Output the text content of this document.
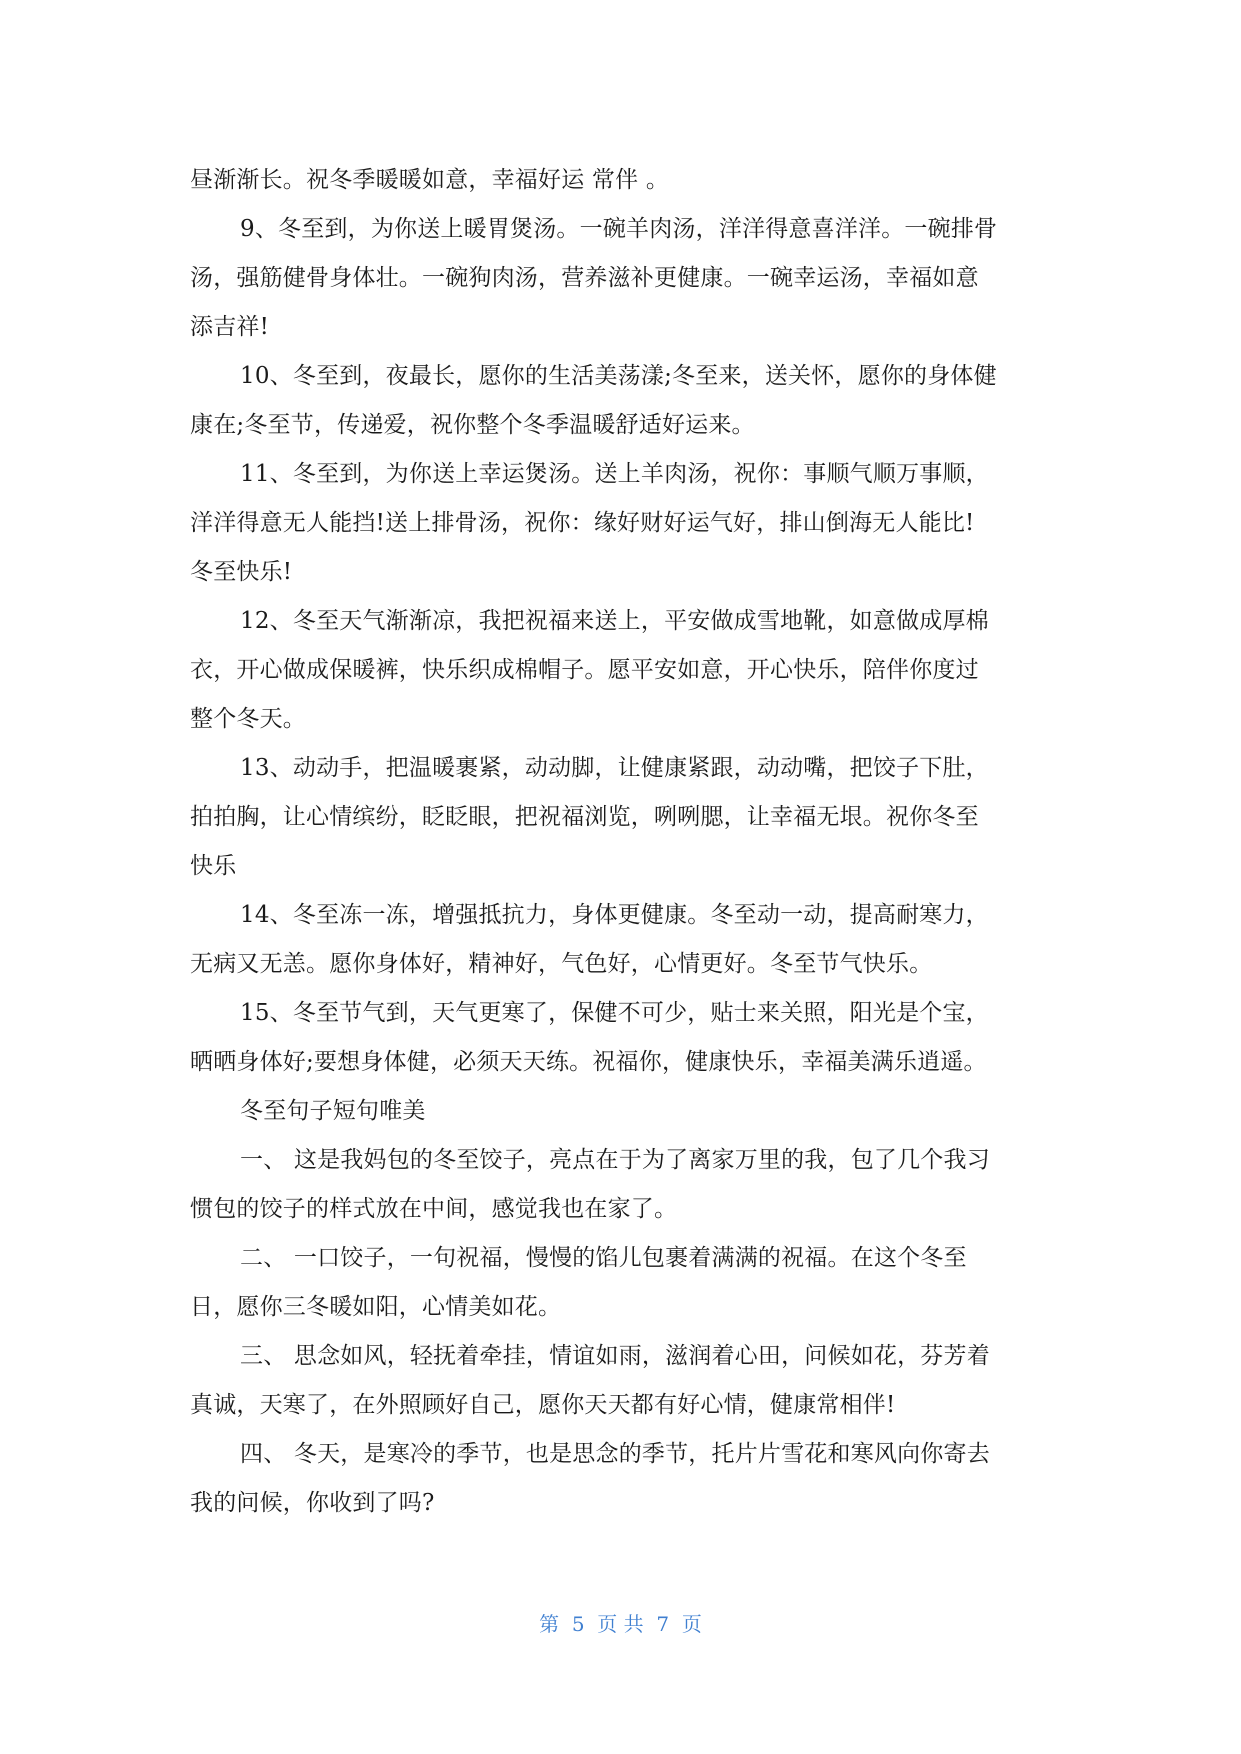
昼渐渐长。祝冬季暖暖如意，幸福好运 常伴 。
9、冬至到，为你送上暖胃煲汤。一碗羊肉汤，洋洋得意喜洋洋。一碗排骨
汤，强筋健骨身体壮。一碗狗肉汤，营养滋补更健康。一碗幸运汤，幸福如意
添吉祥!
10、冬至到，夜最长，愿你的生活美荡漾;冬至来，送关怀，愿你的身体健
康在;冬至节，传递爱，祝你整个冬季温暖舒适好运来。
11、冬至到，为你送上幸运煲汤。送上羊肉汤，祝你：事顺气顺万事顺，
洋洋得意无人能挡!送上排骨汤，祝你：缘好财好运气好，排山倒海无人能比!
冬至快乐!
12、冬至天气渐渐凉，我把祝福来送上，平安做成雪地靴，如意做成厚棉
衣，开心做成保暖裤，快乐织成棉帽子。愿平安如意，开心快乐，陪伴你度过
整个冬天。
13、动动手，把温暖裹紧，动动脚，让健康紧跟，动动嘴，把饺子下肚，
拍拍胸，让心情缤纷，眨眨眼，把祝福浏览，咧咧腮，让幸福无垠。祝你冬至
快乐
14、冬至冻一冻，增强抵抗力，身体更健康。冬至动一动，提高耐寒力，
无病又无恙。愿你身体好，精神好，气色好，心情更好。冬至节气快乐。
15、冬至节气到，天气更寒了，保健不可少，贴士来关照，阳光是个宝，
晒晒身体好;要想身体健，必须天天练。祝福你，健康快乐，幸福美满乐逍遥。
冬至句子短句唯美
一、 这是我妈包的冬至饺子，亮点在于为了离家万里的我，包了几个我习
惯包的饺子的样式放在中间，感觉我也在家了。
二、 一口饺子，一句祝福，慢慢的馅儿包裹着满满的祝福。在这个冬至
日，愿你三冬暖如阳，心情美如花。
三、 思念如风，轻抚着牵挂，情谊如雨，滋润着心田，问候如花，芬芳着
真诚，天寒了，在外照顾好自己，愿你天天都有好心情，健康常相伴!
四、 冬天，是寒冷的季节，也是思念的季节，托片片雪花和寒风向你寄去
我的问候，你收到了吗?
第  5  页 共  7  页
